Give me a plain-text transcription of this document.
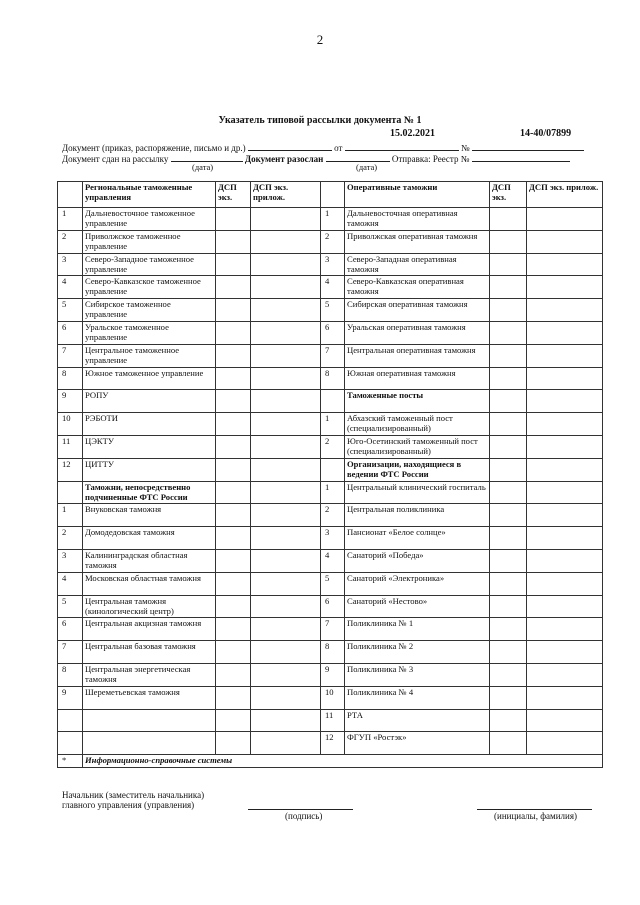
2
Указатель типовой рассылки документа № 1
15.02.2021	14-40/07899
Документ (приказ, распоряжение, письмо и др.)	от	№
Документ сдан на рассылку	Документ разослан	Отправка: Реестр №
(дата)	(дата)
	Региональные таможенные управления	ДСП экз.	ДСП экз. прилож.		Оперативные таможни	ДСП экз.	ДСП экз. прилож.
1	Дальневосточное таможенное управление			1	Дальневосточная оперативная таможня		
2	Приволжское таможенное управление			2	Приволжская оперативная таможня		
3	Северо-Западное таможенное управление			3	Северо-Западная оперативная таможня		
4	Северо-Кавказское таможенное управление			4	Северо-Кавказская оперативная таможня		
5	Сибирское таможенное управление			5	Сибирская оперативная таможня		
6	Уральское таможенное управление			6	Уральская оперативная таможня		
7	Центральное таможенное управление			7	Центральная оперативная таможня		
8	Южное таможенное управление			8	Южная оперативная таможня		
9	РОПУ				Таможенные посты		
10	РЭБОТИ			1	Абхазский таможенный пост (специализированный)		
11	ЦЭКТУ			2	Юго-Осетинский таможенный пост (специализированный)		
12	ЦИТТУ				Организации, находящиеся в ведении ФТС России		
	Таможни, непосредственно подчиненные ФТС России			1	Центральный клинический госпиталь		
1	Внуковская таможня			2	Центральная поликлиника		
2	Домодедовская таможня			3	Пансионат «Белое солнце»		
3	Калининградская областная таможня			4	Санаторий «Победа»		
4	Московская областная таможня			5	Санаторий «Электроника»		
5	Центральная таможня (кинологический центр)			6	Санаторий «Нестово»		
6	Центральная акцизная таможня			7	Поликлиника № 1		
7	Центральная базовая таможня			8	Поликлиника № 2		
8	Центральная энергетическая таможня			9	Поликлиника № 3		
9	Шереметьевская таможня			10	Поликлиника № 4		
				11	РТА		
				12	ФГУП «Ростэк»		
*	Информационно-справочные системы						
Начальник (заместитель начальника)
главного управления (управления)
(подпись)	(инициалы, фамилия)
